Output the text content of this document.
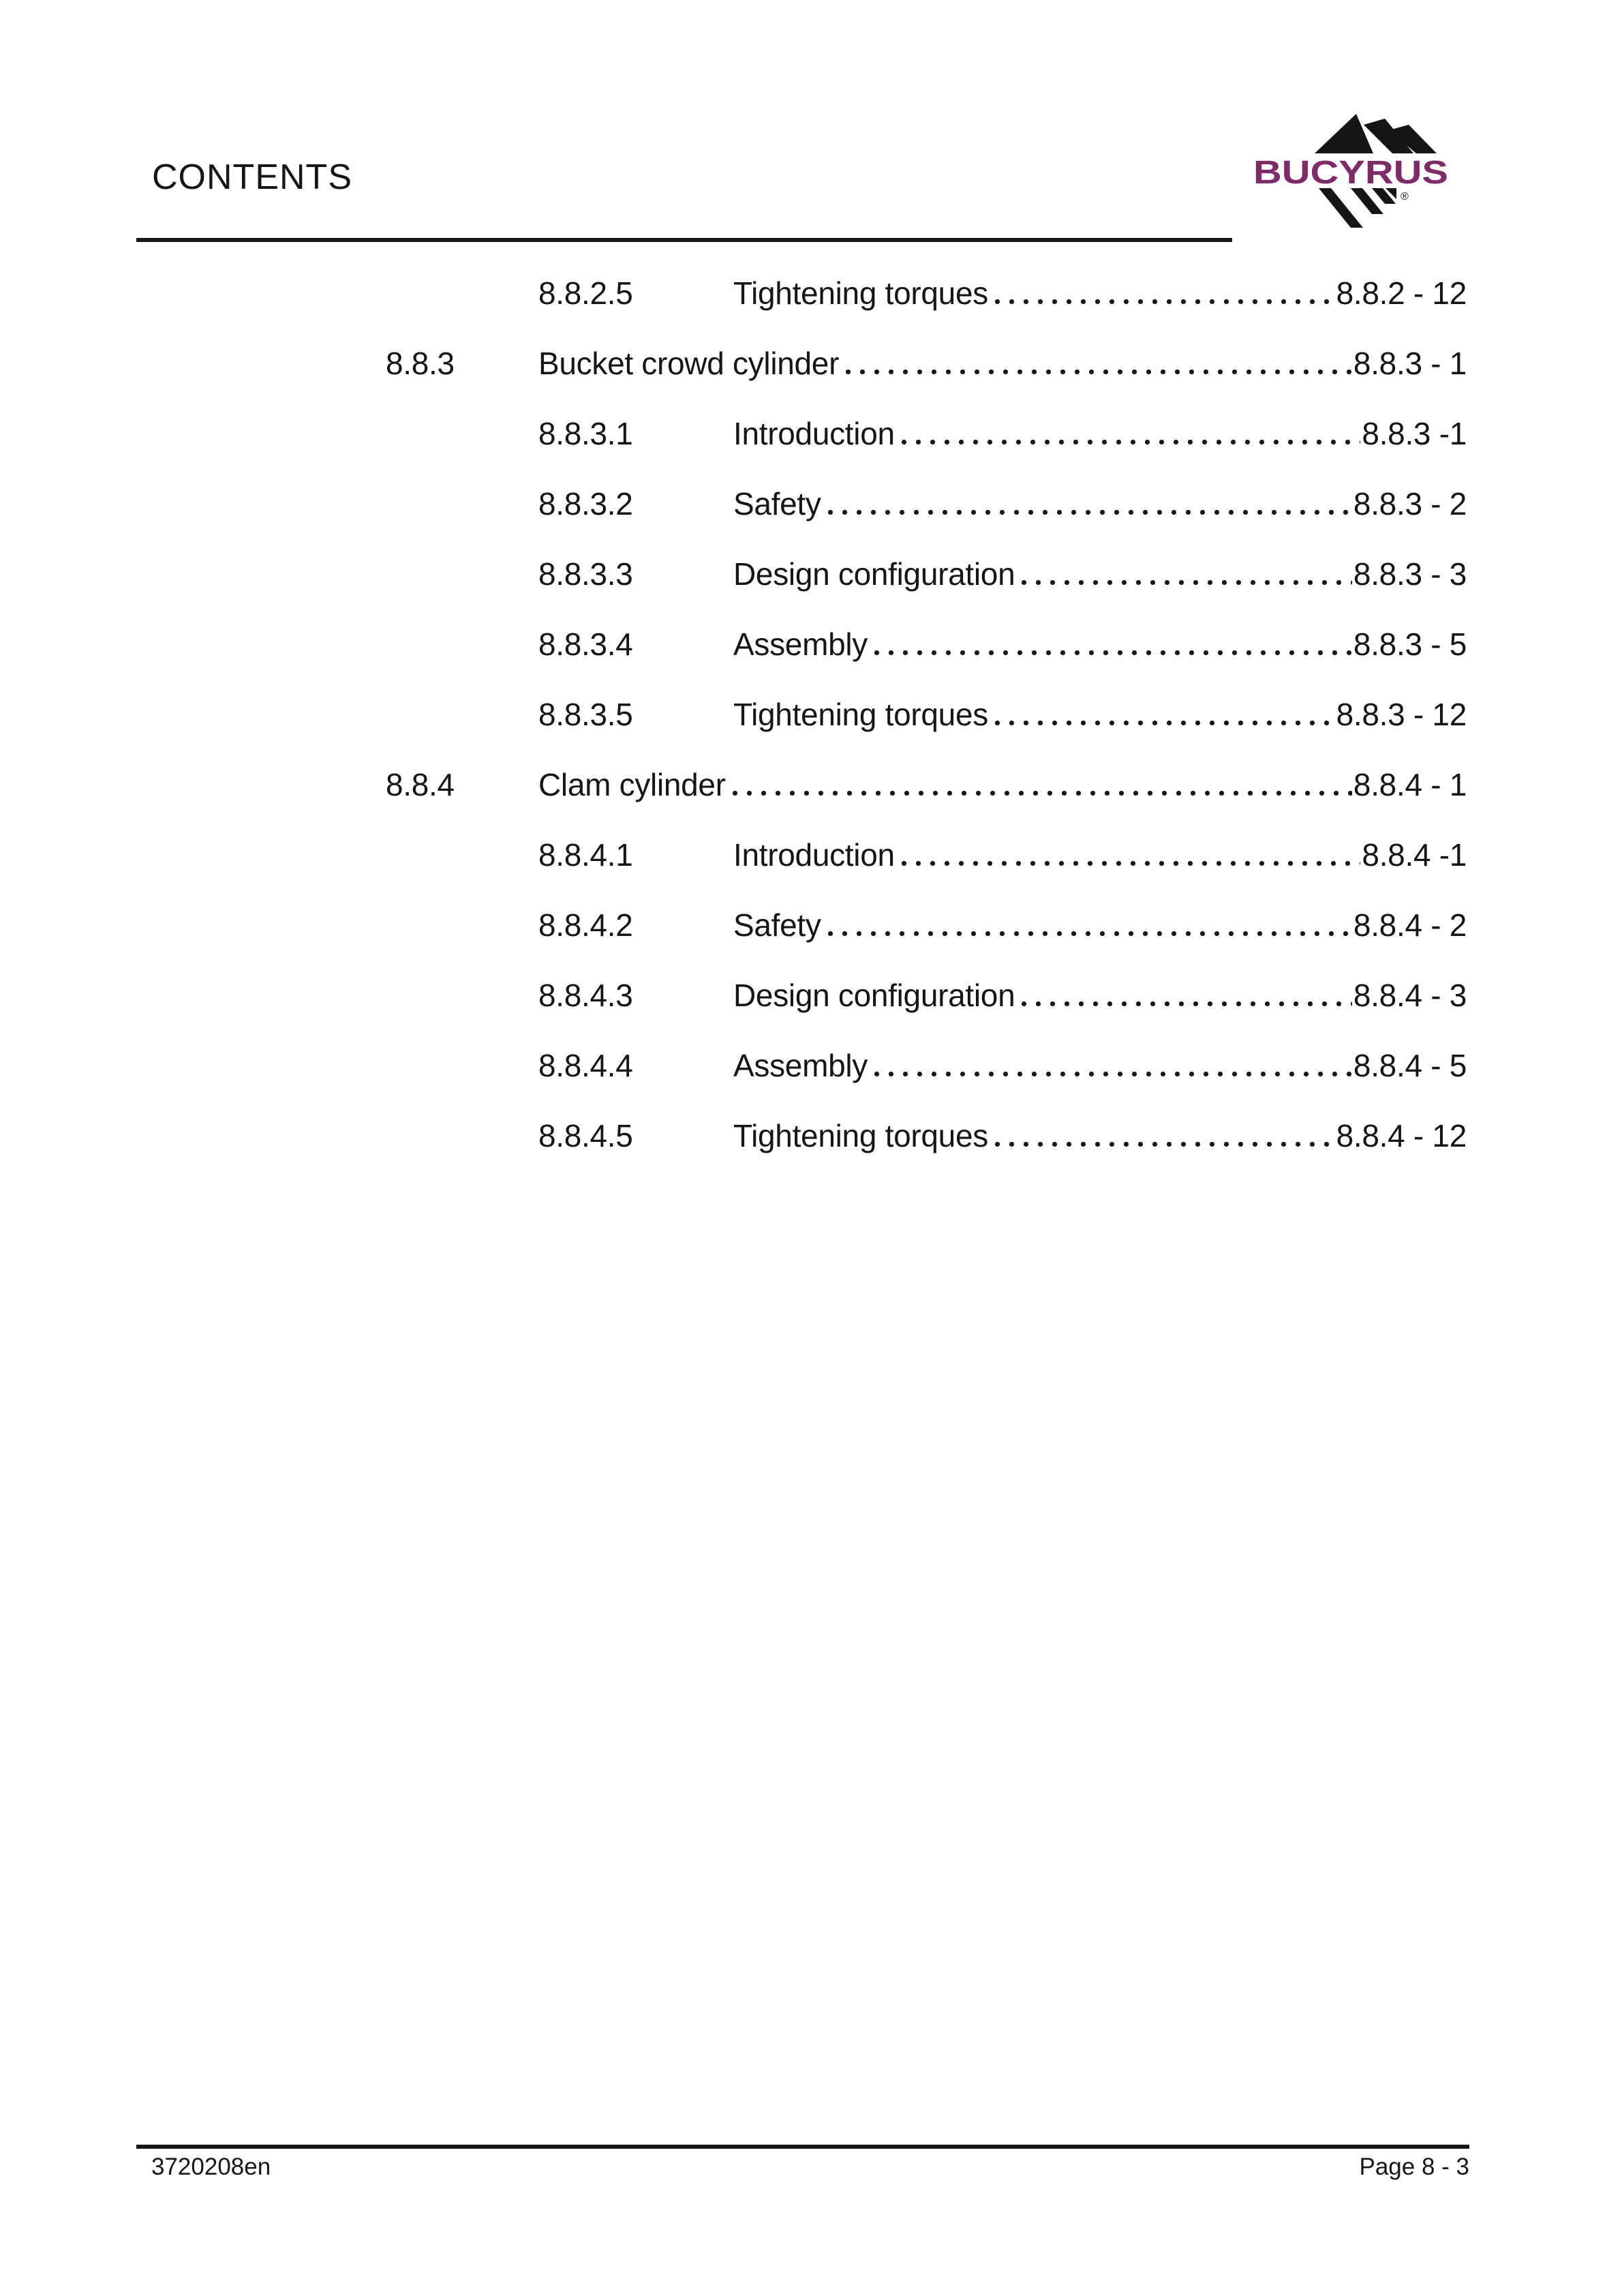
CONTENTS	BUCYRUS
®
8.8.2.5	Tightening torques	8.8.2 - 12
8.8.3	Bucket crowd cylinder	8.8.3 - 1
8.8.3.1	Introduction	8.8.3 -1
8.8.3.2	Safety	8.8.3 - 2
8.8.3.3	Design configuration	8.8.3 - 3
8.8.3.4	Assembly	8.8.3 - 5
8.8.3.5	Tightening torques	8.8.3 - 12
8.8.4	Clam cylinder	8.8.4 - 1
8.8.4.1	Introduction	8.8.4 -1
8.8.4.2	Safety	8.8.4 - 2
8.8.4.3	Design configuration	8.8.4 - 3
8.8.4.4	Assembly	8.8.4 - 5
8.8.4.5	Tightening torques	8.8.4 - 12
3720208en	Page 8 - 3
